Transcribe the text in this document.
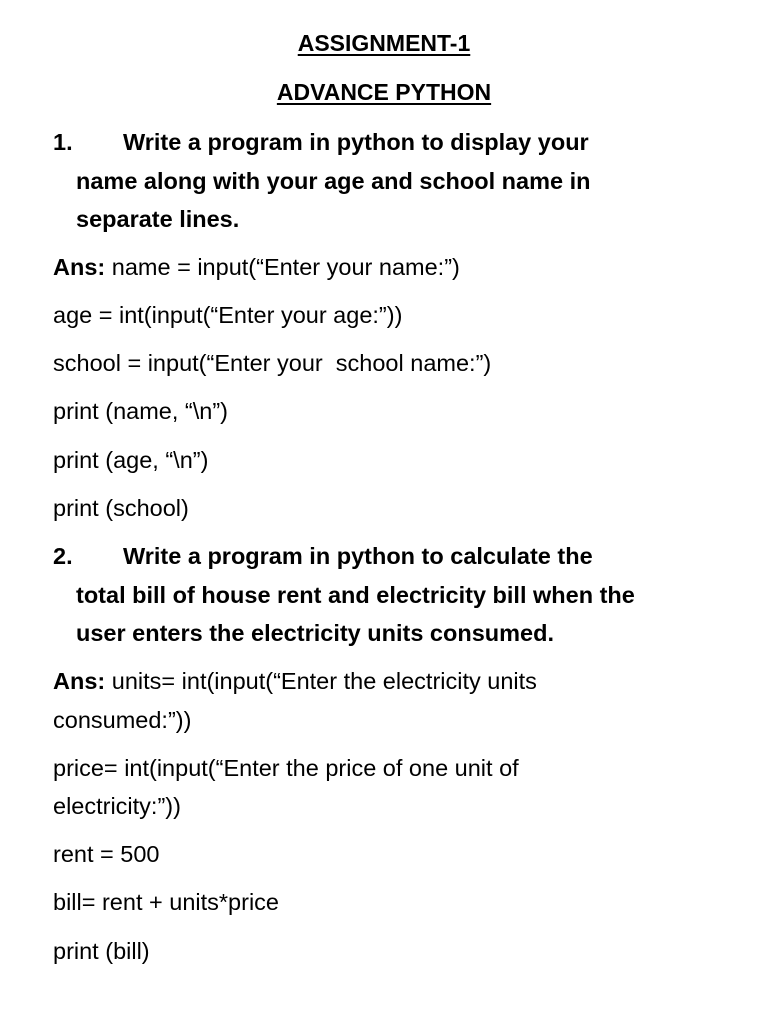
ASSIGNMENT-1
ADVANCE PYTHON
1. Write a program in python to display your
name along with your age and school name in
separate lines.
Ans: name = input(“Enter your name:”)
age = int(input(“Enter your age:”))
school = input(“Enter your  school name:”)
print (name, “\n”)
print (age, “\n”)
print (school)
2. Write a program in python to calculate the
total bill of house rent and electricity bill when the
user enters the electricity units consumed.
Ans: units= int(input(“Enter the electricity units
consumed:”))
price= int(input(“Enter the price of one unit of
electricity:”))
rent = 500
bill= rent + units*price
print (bill)
